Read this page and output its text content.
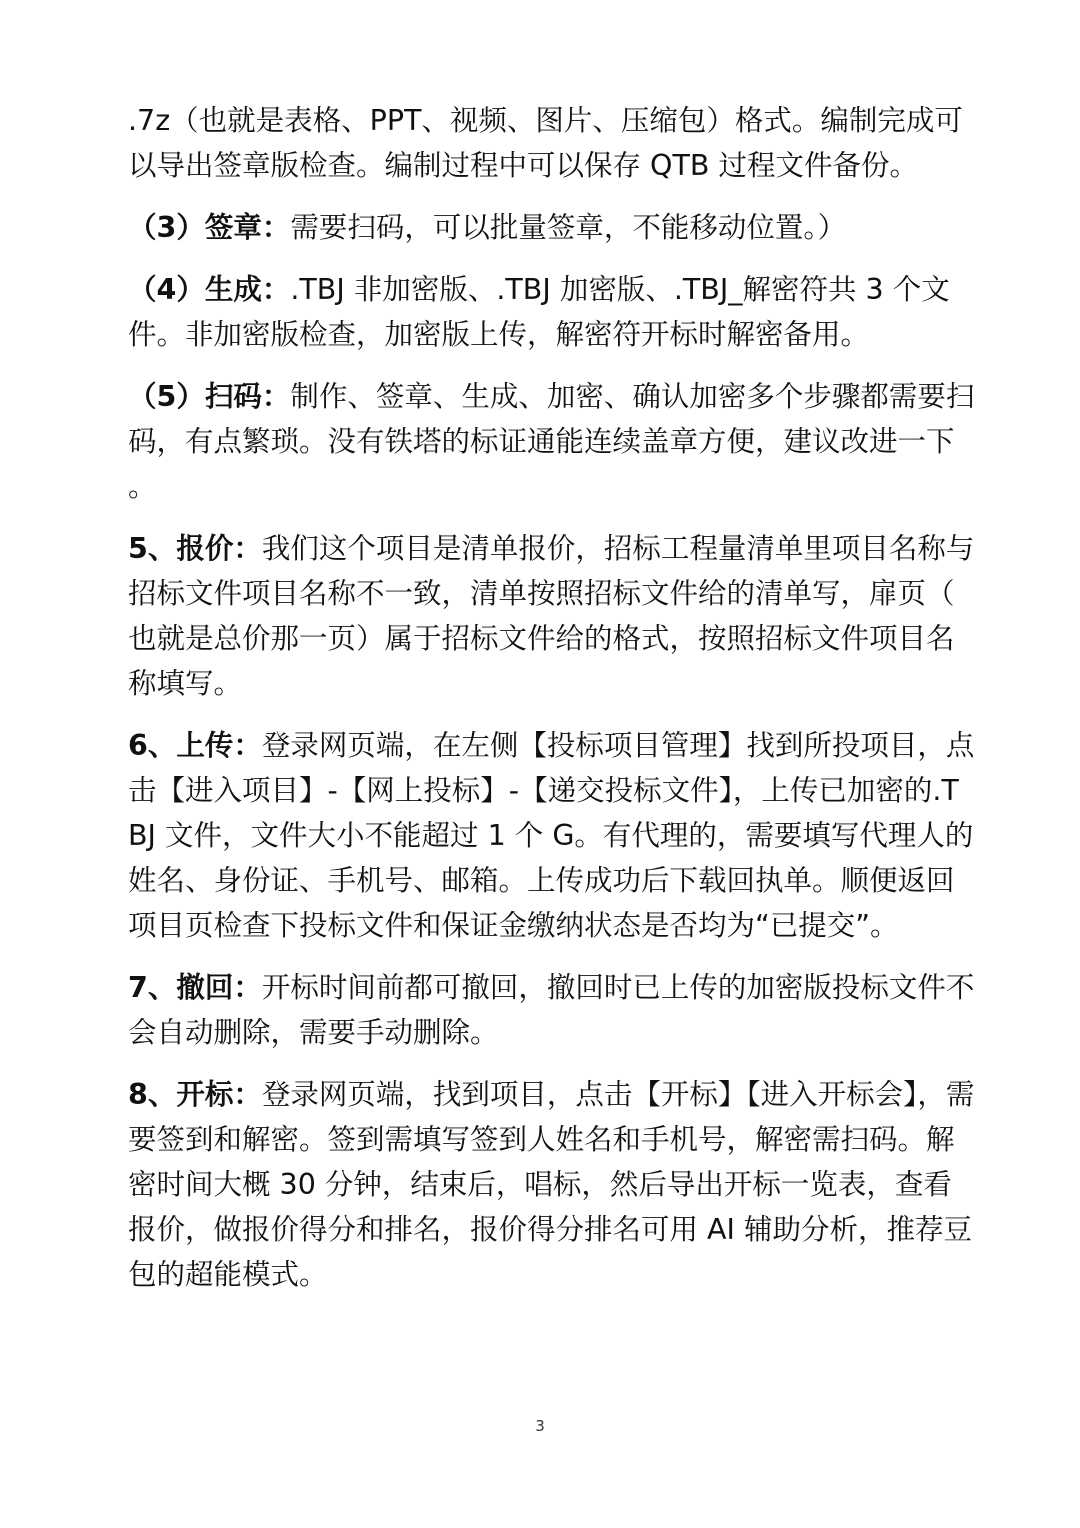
.7z（也就是表格、PPT、视频、图片、压缩包）格式。编制完成可以导出签章版检查。编制过程中可以保存 QTB 过程文件备份。

（3）签章：需要扫码，可以批量签章，不能移动位置。）

（4）生成：.TBJ 非加密版、.TBJ 加密版、.TBJ_解密符共 3 个文件。非加密版检查，加密版上传，解密符开标时解密备用。

（5）扫码：制作、签章、生成、加密、确认加密多个步骤都需要扫码，有点繁琐。没有铁塔的标证通能连续盖章方便，建议改进一下。

5、报价：我们这个项目是清单报价，招标工程量清单里项目名称与招标文件项目名称不一致，清单按照招标文件给的清单写，扉页（也就是总价那一页）属于招标文件给的格式，按照招标文件项目名称填写。

6、上传：登录网页端，在左侧【投标项目管理】找到所投项目，点击【进入项目】-【网上投标】-【递交投标文件】，上传已加密的.TBJ 文件，文件大小不能超过 1 个 G。有代理的，需要填写代理人的姓名、身份证、手机号、邮箱。上传成功后下载回执单。顺便返回项目页检查下投标文件和保证金缴纳状态是否均为“已提交”。

7、撤回：开标时间前都可撤回，撤回时已上传的加密版投标文件不会自动删除，需要手动删除。

8、开标：登录网页端，找到项目，点击【开标】【进入开标会】，需要签到和解密。签到需填写签到人姓名和手机号，解密需扫码。解密时间大概 30 分钟，结束后，唱标，然后导出开标一览表，查看报价，做报价得分和排名，报价得分排名可用 AI 辅助分析，推荐豆包的超能模式。

3
